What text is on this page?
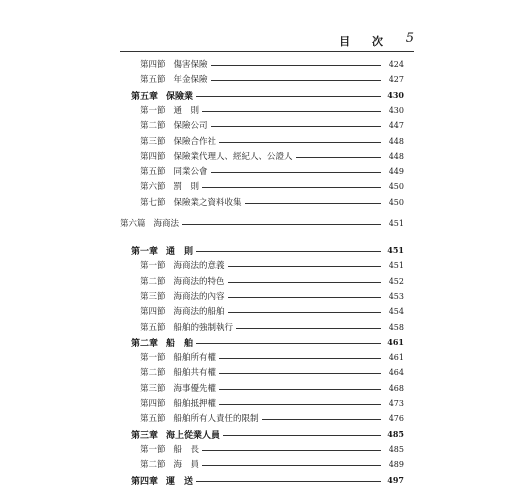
目 次 5
第四節 傷害保險	424
第五節 年金保險	427
第五章 保險業	430
第一節 通　則	430
第二節 保險公司	447
第三節 保險合作社	448
第四節 保險業代理人、經紀人、公證人	448
第五節 同業公會	449
第六節 罰　則	450
第七節 保險業之資料收集	450
第六篇 海商法	451
第一章 通　則	451
第一節 海商法的意義	451
第二節 海商法的特色	452
第三節 海商法的內容	453
第四節 海商法的船舶	454
第五節 船舶的強制執行	458
第二章 船　舶	461
第一節 船舶所有權	461
第二節 船舶共有權	464
第三節 海事優先權	468
第四節 船舶抵押權	473
第五節 船舶所有人責任的限制	476
第三章 海上從業人員	485
第一節 船　長	485
第二節 海　員	489
第四章 運　送	497
